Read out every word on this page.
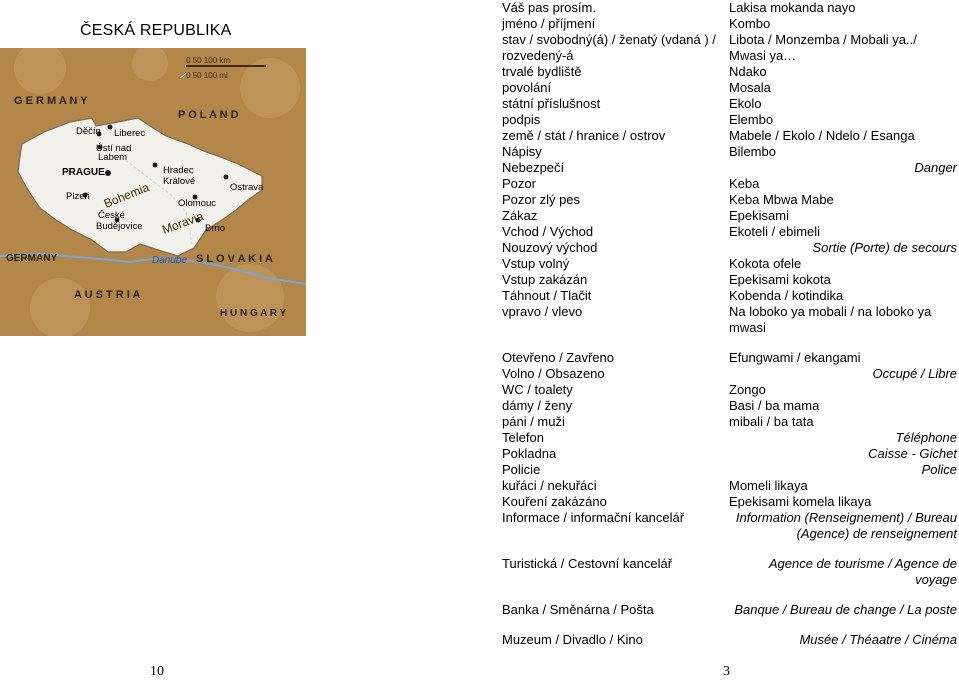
ČESKÁ REPUBLIKA
0 50 100 km
0 50 100 mi
G E R M A N Y
P O L A N D
GERMANY	S L O V A K I A
A U S T R I A
H U N G A R Y
Bohemia
Moravia
Danube
Děčín Liberec
Ústí nad
Labem
PRAGUE	Hradec
Králové
Ostrava
Plzeň
Olomouc
České
Budějovice	Brno
Váš pas prosím.	Lakisa mokanda nayo
jméno / příjmení	Kombo
stav / svobodný(á) / ženatý (vdaná ) /	Libota / Monzemba / Mobali ya../
rozvedený-á	Mwasi ya…
trvalé bydliště	Ndako
povolání	Mosala
státní příslušnost	Ekolo
podpis	Elembo
země / stát / hranice / ostrov	Mabele / Ekolo / Ndelo / Esanga
Nápisy	Bilembo
Nebezpečí	Danger
Pozor	Keba
Pozor zlý pes	Keba Mbwa Mabe
Zákaz	Epekisami
Vchod / Východ	Ekoteli / ebimeli
Nouzový východ	Sortie (Porte) de secours
Vstup volný	Kokota ofele
Vstup zakázán	Epekisami kokota
Táhnout / Tlačit	Kobenda / kotindika
vpravo / vlevo	Na loboko ya mobali / na loboko ya mwasi
Otevřeno / Zavřeno	Efungwami / ekangami
Volno / Obsazeno	Occupé / Libre
WC / toalety	Zongo
dámy / ženy	Basi / ba mama
páni / muži	mibali / ba tata
Telefon	Téléphone
Pokladna	Caisse - Gichet
Policie	Police
kuřáci / nekuřáci	Momeli likaya
Kouření zakázáno	Epekisami komela likaya
Informace / informační kancelář	Information (Renseignement) / Bureau (Agence) de renseignement
Turistická / Cestovní kancelář	Agence de tourisme / Agence de voyage
Banka / Směnárna / Pošta	Banque / Bureau de change / La poste
Muzeum / Divadlo / Kino	Musée / Théaatre / Cinéma
10	3
